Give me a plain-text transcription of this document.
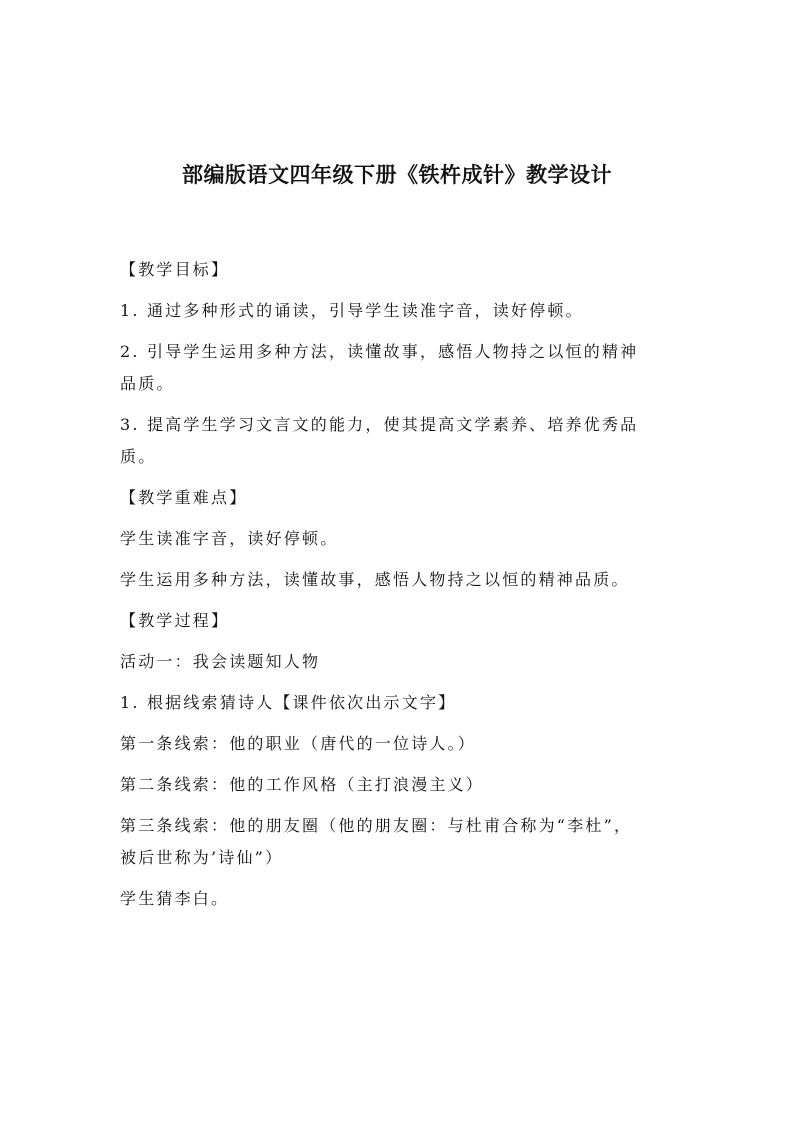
部编版语文四年级下册《铁杵成针》教学设计

【教学目标】

1. 通过多种形式的诵读，引导学生读准字音，读好停顿。

2. 引导学生运用多种方法，读懂故事，感悟人物持之以恒的精神

品质。

3. 提高学生学习文言文的能力，使其提高文学素养、培养优秀品

质。

【教学重难点】

学生读准字音，读好停顿。

学生运用多种方法，读懂故事，感悟人物持之以恒的精神品质。

【教学过程】

活动一：我会读题知人物

1. 根据线索猜诗人【课件依次出示文字】

第一条线索：他的职业（唐代的一位诗人。）

第二条线索：他的工作风格（主打浪漫主义）

第三条线索：他的朋友圈（他的朋友圈：与杜甫合称为“李杜”，

被后世称为’诗仙”）

学生猜李白。
